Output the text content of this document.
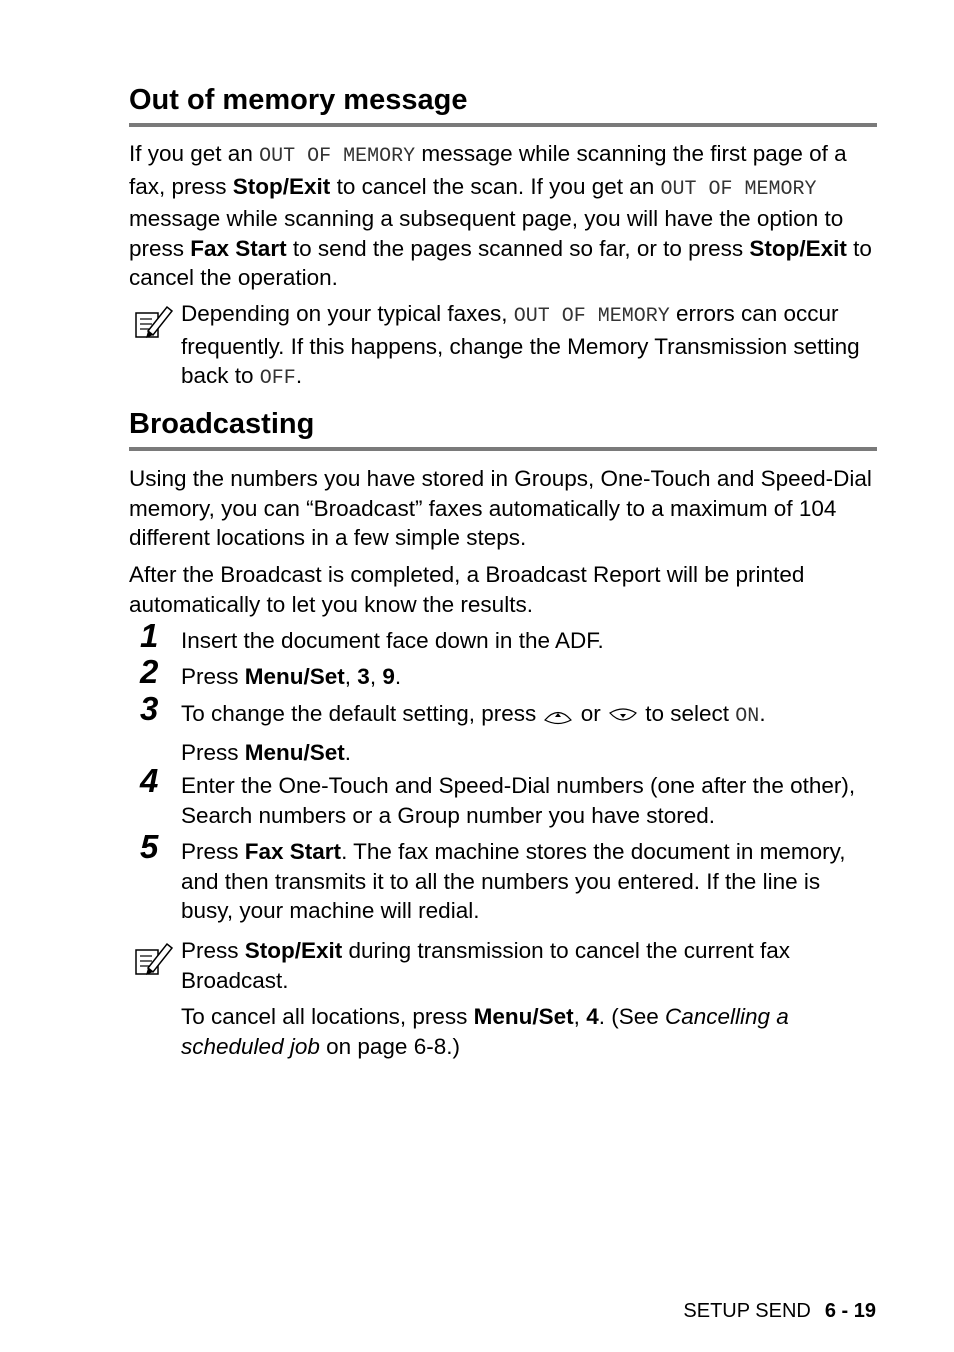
Out of memory message

If you get an OUT OF MEMORY message while scanning the first page of a fax, press Stop/Exit to cancel the scan. If you get an OUT OF MEMORY message while scanning a subsequent page, you will have the option to press Fax Start to send the pages scanned so far, or to press Stop/Exit to cancel the operation.

Depending on your typical faxes, OUT OF MEMORY errors can occur frequently. If this happens, change the Memory Transmission setting back to OFF.

Broadcasting

Using the numbers you have stored in Groups, One-Touch and Speed-Dial memory, you can “Broadcast” faxes automatically to a maximum of 104 different locations in a few simple steps.

After the Broadcast is completed, a Broadcast Report will be printed automatically to let you know the results.

1 Insert the document face down in the ADF.

2 Press Menu/Set, 3, 9.

3 To change the default setting, press  or  to select ON.

Press Menu/Set.

4 Enter the One-Touch and Speed-Dial numbers (one after the other), Search numbers or a Group number you have stored.

5 Press Fax Start. The fax machine stores the document in memory, and then transmits it to all the numbers you entered. If the line is busy, your machine will redial.

Press Stop/Exit during transmission to cancel the current fax Broadcast.

To cancel all locations, press Menu/Set, 4. (See Cancelling a scheduled job on page 6-8.)

SETUP SEND 6 - 19
